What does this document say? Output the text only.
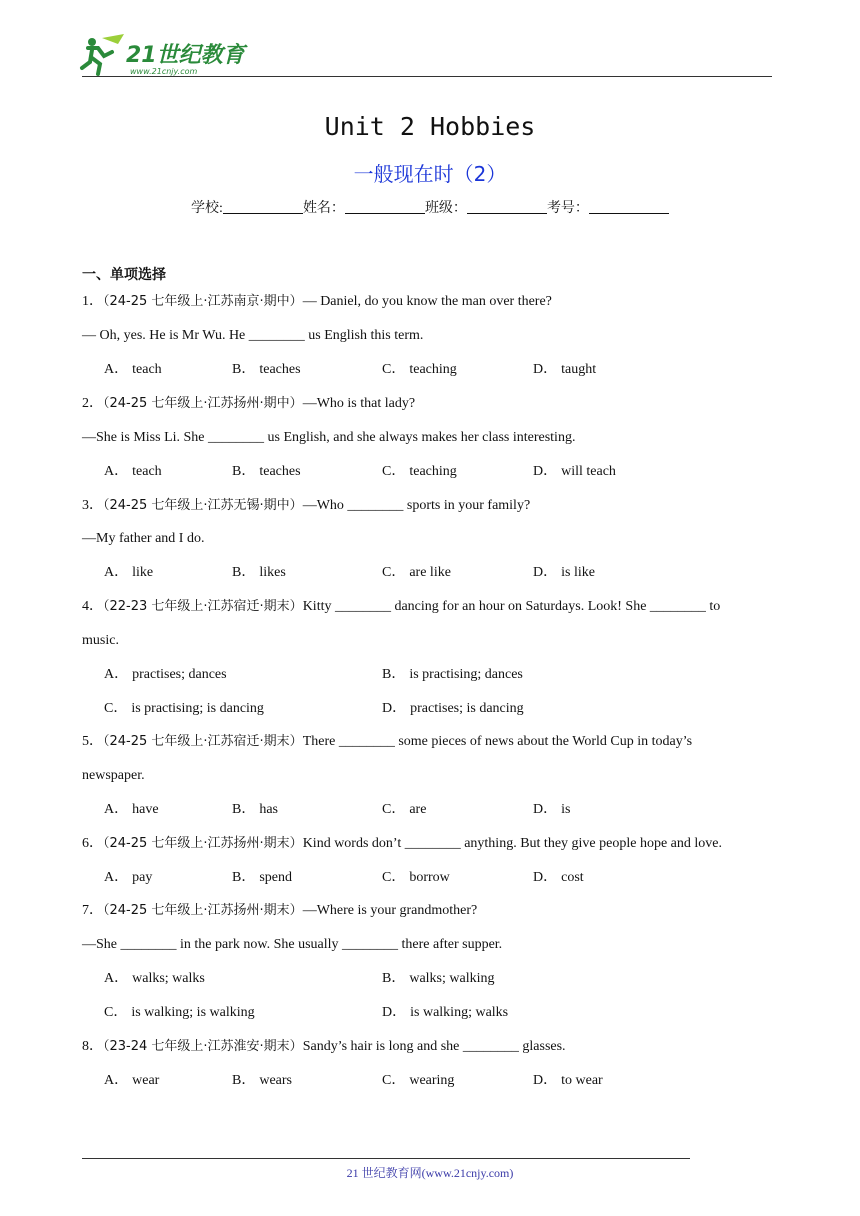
21世纪教育
www.21cnjy.com
Unit 2 Hobbies
一般现在时（2）
学校:	姓名：	班级：	考号：
一、单项选择
1．（24-25 七年级上·江苏南京·期中）— Daniel, do you know the man over there?
— Oh, yes. He is Mr Wu. He ________ us English this term.
A． teach	B． teaches	C． teaching	D． taught
2．（24-25 七年级上·江苏扬州·期中）—Who is that lady?
—She is Miss Li. She ________ us English, and she always makes her class interesting.
A． teach	B． teaches	C． teaching	D． will teach
3．（24-25 七年级上·江苏无锡·期中）—Who ________ sports in your family?
—My father and I do.
A． like	B． likes	C． are like	D． is like
4．（22-23 七年级上·江苏宿迁·期末）Kitty ________ dancing for an hour on Saturdays. Look! She ________ to
music.
A． practises; dances	B． is practising; dances
C． is practising; is dancing	D． practises; is dancing
5．（24-25 七年级上·江苏宿迁·期末）There ________ some pieces of news about the World Cup in today’s
newspaper.
A． have	B． has	C． are	D． is
6．（24-25 七年级上·江苏扬州·期末）Kind words don’t ________ anything. But they give people hope and love.
A． pay	B． spend	C． borrow	D． cost
7．（24-25 七年级上·江苏扬州·期末）—Where is your grandmother?
—She ________ in the park now. She usually ________ there after supper.
A． walks; walks	B． walks; walking
C． is walking; is walking	D． is walking; walks
8．（23-24 七年级上·江苏淮安·期末）Sandy’s hair is long and she ________ glasses.
A． wear	B． wears	C． wearing	D． to wear
21 世纪教育网(www.21cnjy.com)
